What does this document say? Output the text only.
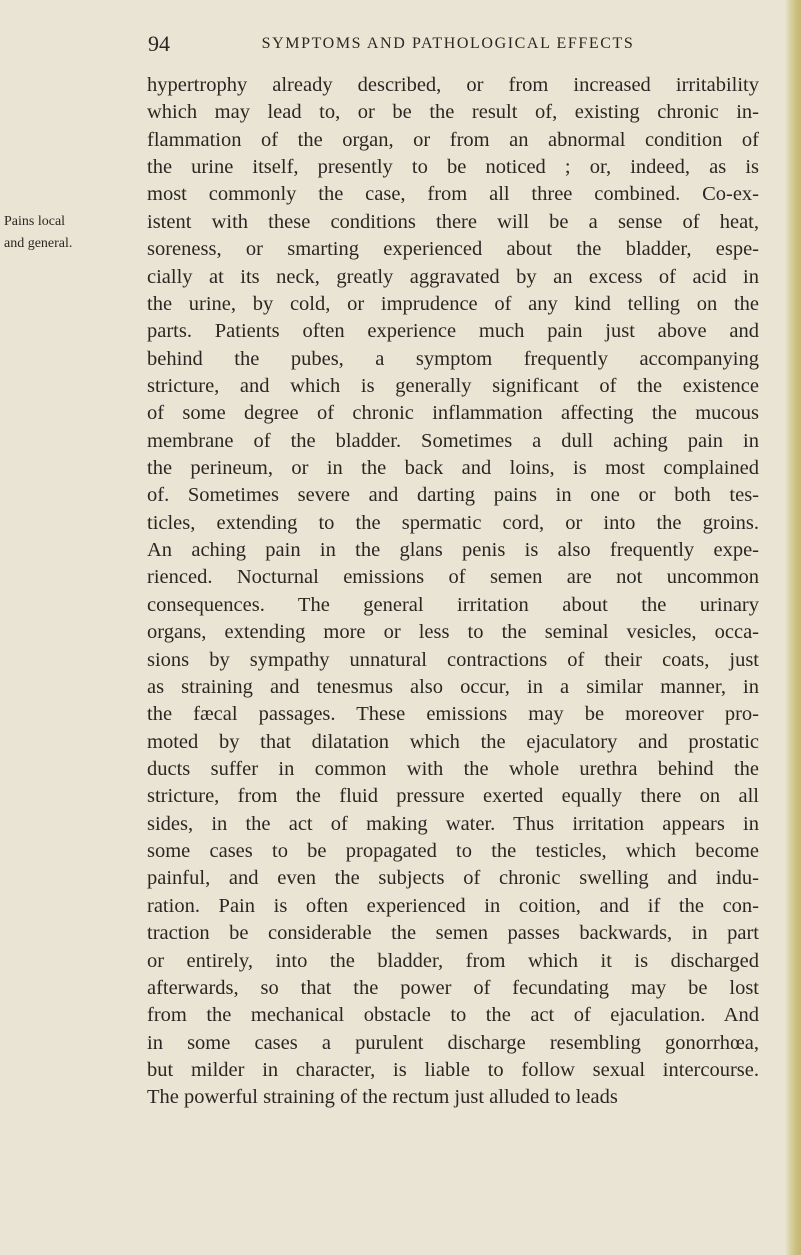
94	SYMPTOMS AND PATHOLOGICAL EFFECTS
Pains local
and general.
hypertrophy already described, or from increased irritability
which may lead to, or be the result of, existing chronic in-
flammation of the organ, or from an abnormal condition of
the urine itself, presently to be noticed ; or, indeed, as is
most commonly the case, from all three combined. Co-ex-
istent with these conditions there will be a sense of heat,
soreness, or smarting experienced about the bladder, espe-
cially at its neck, greatly aggravated by an excess of acid in
the urine, by cold, or imprudence of any kind telling on the
parts. Patients often experience much pain just above and
behind the pubes, a symptom frequently accompanying
stricture, and which is generally significant of the existence
of some degree of chronic inflammation affecting the mucous
membrane of the bladder. Sometimes a dull aching pain in
the perineum, or in the back and loins, is most complained
of. Sometimes severe and darting pains in one or both tes-
ticles, extending to the spermatic cord, or into the groins.
An aching pain in the glans penis is also frequently expe-
rienced. Nocturnal emissions of semen are not uncommon
consequences. The general irritation about the urinary
organs, extending more or less to the seminal vesicles, occa-
sions by sympathy unnatural contractions of their coats, just
as straining and tenesmus also occur, in a similar manner, in
the fæcal passages. These emissions may be moreover pro-
moted by that dilatation which the ejaculatory and prostatic
ducts suffer in common with the whole urethra behind the
stricture, from the fluid pressure exerted equally there on all
sides, in the act of making water. Thus irritation appears in
some cases to be propagated to the testicles, which become
painful, and even the subjects of chronic swelling and indu-
ration. Pain is often experienced in coition, and if the con-
traction be considerable the semen passes backwards, in part
or entirely, into the bladder, from which it is discharged
afterwards, so that the power of fecundating may be lost
from the mechanical obstacle to the act of ejaculation. And
in some cases a purulent discharge resembling gonorrhœa,
but milder in character, is liable to follow sexual intercourse.
The powerful straining of the rectum just alluded to leads
